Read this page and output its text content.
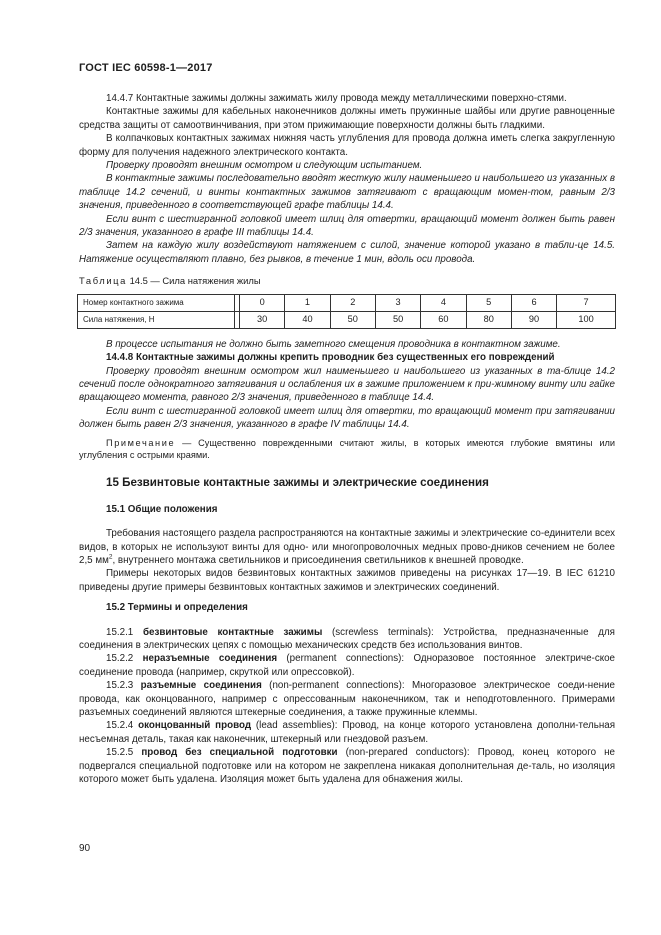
ГОСТ IEC 60598-1—2017

14.4.7 Контактные зажимы должны зажимать жилу провода между металлическими поверхно-стями.

Контактные зажимы для кабельных наконечников должны иметь пружинные шайбы или другие равноценные средства защиты от самоотвинчивания, при этом прижимающие поверхности должны быть гладкими.

В колпачковых контактных зажимах нижняя часть углубления для провода должна иметь слегка закругленную форму для получения надежного электрического контакта.

Проверку проводят внешним осмотром и следующим испытанием.

В контактные зажимы последовательно вводят жесткую жилу наименьшего и наибольшего из указанных в таблице 14.2 сечений, и винты контактных зажимов затягивают с вращающим момен-том, равным 2/3 значения, приведенного в соответствующей графе таблицы 14.4.

Если винт с шестигранной головкой имеет шлиц для отвертки, вращающий момент должен быть равен 2/3 значения, указанного в графе III таблицы 14.4.

Затем на каждую жилу воздействуют натяжением с силой, значение которой указано в табли-це 14.5. Натяжение осуществляют плавно, без рывков, в течение 1 мин, вдоль оси провода.

Таблица 14.5 — Сила натяжения жилы

Номер контактного зажима		0	1	2	3	4	5	6	7
Сила натяжения, Н		30	40	50	50	60	80	90	100

В процессе испытания не должно быть заметного смещения проводника в контактном зажиме.

14.4.8 Контактные зажимы должны крепить проводник без существенных его повреждений

Проверку проводят внешним осмотром жил наименьшего и наибольшего из указанных в та-блице 14.2 сечений после однократного затягивания и ослабления их в зажиме приложением к при-жимному винту или гайке вращающего момента, равного 2/3 значения, приведенного в таблице 14.4.

Если винт с шестигранной головкой имеет шлиц для отвертки, то вращающий момент при затягивании должен быть равен 2/3 значения, указанного в графе IV таблицы 14.4.

Примечание — Существенно поврежденными считают жилы, в которых имеются глубокие вмятины или углубления с острыми краями.

15 Безвинтовые контактные зажимы и электрические соединения

15.1 Общие положения

Требования настоящего раздела распространяются на контактные зажимы и электрические со-единители всех видов, в которых не используют винты для одно- или многопроволочных медных прово-дников сечением не более 2,5 $мм^2$, внутреннего монтажа светильников и присоединения светильников к внешней проводке.

Примеры некоторых видов безвинтовых контактных зажимов приведены на рисунках 17—19. В IEC 61210 приведены другие примеры безвинтовых контактных зажимов и электрических соединений.

15.2 Термины и определения

15.2.1 безвинтовые контактные зажимы (screwless terminals): Устройства, предназначенные для соединения в электрических цепях с помощью механических средств без использования винтов.

15.2.2 неразъемные соединения (permanent connections): Одноразовое постоянное электриче-ское соединение провода (например, скруткой или опрессовкой).

15.2.3 разъемные соединения (non-permanent connections): Многоразовое электрическое соеди-нение провода, как оконцованного, например с опрессованным наконечником, так и неподготовленного. Примерами разъемных соединений являются штекерные соединения, а также пружинные клеммы.

15.2.4 оконцованный провод (lead assemblies): Провод, на конце которого установлена дополни-тельная несъемная деталь, такая как наконечник, штекерный или гнездовой разъем.

15.2.5 провод без специальной подготовки (non-prepared conductors): Провод, конец которого не подвергался специальной подготовке или на котором не закреплена никакая дополнительная де-таль, но изоляция которого может быть удалена. Изоляция может быть удалена для обнажения жилы.

90
